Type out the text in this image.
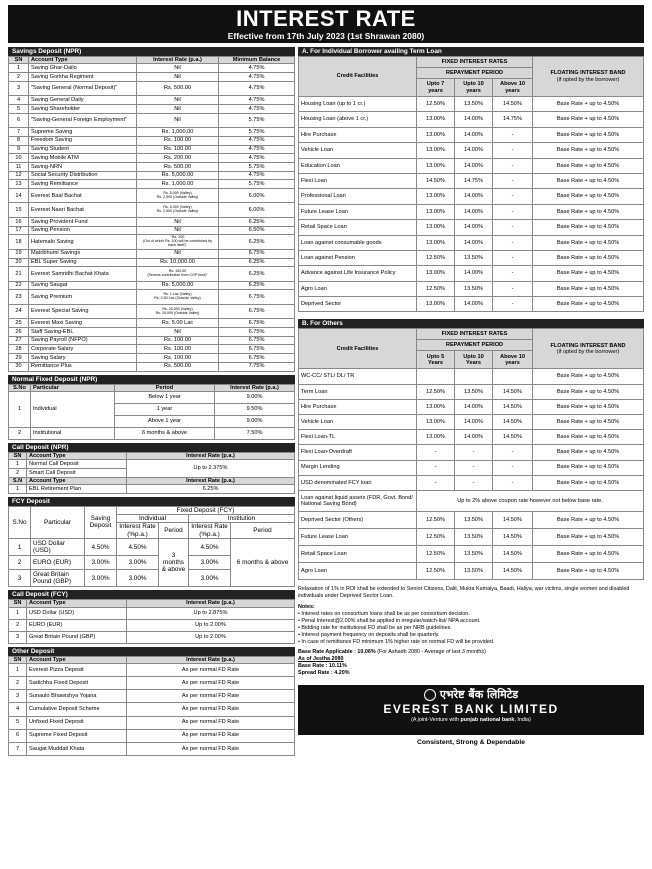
INTEREST RATE
Effective from 17th July 2023 (1st Shrawan 2080)
Savings Deposit (NPR)
SN	Account Type	Interest Rate (p.a.)	Minimum Balance
1	Saving Ghar-Dailo	Nil	4.75%
2	Saving Gorkha Regiment	Nil	4.75%
3	"Saving General (Normal Deposit)"	Rs. 500.00	4.75%
4	Saving General Daily	Nil	4.75%
5	Saving Shareholder	Nil	4.75%
6	"Saving-General Foreign Employment"	Nil	5.75%
7	Supreme Saving	Rs. 1,000.00	5.75%
8	Freedom Saving	Rs. 100.00	4.75%
9	Saving Student	Rs. 100.00	4.75%
10	Saving Mobile ATM	Rs. 200.00	4.75%
11	Saving-NRN	Rs. 500.00	5.75%
12	Social Security Distribution	Rs. 5,000.00	4.75%
13	Saving Remittance	Rs. 1,000.00	5.75%
14	Everest Baal Bachat	Rs. 5,000 (Valley)
Rs. 2,500 (Outside Valley)	6.00%
15	Everest Naari Bachat	Rs. 5,000 (Valley)
Rs. 2,500 (Outside Valley)	6.00%
16	Saving Provident Fund	Nil	6.25%
17	Saving Pension	Nil	6.50%
18	Hatemalo Saving	"Rs. 200
(Out of which Rs. 100 will be contributed by bank itself)"	6.25%
19	Matribhumi Savings	Nil	6.75%
20	EBL Super Saving	Rs. 10,000.00	6.25%
21	Everest Samridhi Bachat Khata	Rs. 100.00
(Seniors contribution from COP fund)"	6.25%
22	Saving Saugat	Rs. 5,000.00	6.25%
23	Saving Premium	Rs. 1 Lac (Valley)
Rs. 0.50 Lac (Outside Valley)	6.75%
24	Everest Special Saving	Rs. 25,000 (Valley)
Rs. 10,000 (Outside Valley)	6.75%
25	Everest Maxi Saving	Rs. 5.00 Lac	6.75%
26	Staff Saving-EBL	Nil	6.75%
27	Saving Payroll (NFPO)	Rs. 100.00	6.75%
28	Corporate Salary	Rs. 100.00	6.75%
29	Saving Salary	Rs. 100.00	6.75%
30	Remittance Plus	Rs. 500.00	7.75%
Normal Fixed Deposit (NPR)
S.No	Particular	Period	Interest Rate (p.a.)
1	Individual	Below 1 year	9.00%
		1 year	9.50%
		Above 1 year	9.00%
2	Institutional	6 months & above	7.50%
Call Deposit (NPR)
SN	Account Type	Interest Rate (p.a.)
1	Normal Call Deposit	Up to 2.375%
2	Smart Call Deposit	
S.N	Account Type	Interest Rate (p.a.)
1	EBL Retirement Plan	6.25%
FCY Deposit
S.No	Particular	Saving Deposit	Fixed Deposit (FCY)			
			Individual		Institution	
			Interest Rate (%p.a.)	Period	Interest Rate (%p.a.)	Period
1	USD Dollar (USD)	4.50%	4.50%	3 months & above	4.50%	6 months & above
2	EURO (EUR)	3.00%	3.00%		3.00%	
3	Great Britain Pound (GBP)	3.00%	3.00%		3.00%	
Call Deposit (FCY)
SN	Account Type	Interest Rate (p.a.)
1	USD Dollar (USD)	Up to 2.875%
2	EURO (EUR)	Up to 2.00%
3	Great Britain Pound (GBP)	Up to 2.00%
Other Deposit
SN	Account Type	Interest Rate (p.a.)
1	Everest Pizza Deposit	As per normal FD Rate
2	Sadichha Fixed Deposit	As per normal FD Rate
3	Sunaulo Bhawishya Yojana	As per normal FD Rate
4	Cumulative Deposit Scheme	As per normal FD Rate
5	Unfixed Fixed Deposit	As per normal FD Rate
6	Supreme Fixed Deposit	As per normal FD Rate
7	Saugat Muddati Khata	As per normal FD Rate
A. For Individual Borrower availing Term Loan
Credit Facilities	FIXED INTEREST RATES			FLOATING INTEREST BAND
(if opted by the borrower)
	REPAYMENT PERIOD			
	Upto 7 years	Upto 10 years	Above 10 years	
Housing Loan (up to 1 cr.)	12.50%	13.50%	14.50%	Base Rate + up to 4.50%
Housing Loan (above 1 cr.)	13.00%	14.00%	14.75%	Base Rate + up to 4.50%
Hire Purchase	13.00%	14.00%	-	Base Rate + up to 4.50%
Vehicle Loan	13.00%	14.00%	-	Base Rate + up to 4.50%
Education Loan	13.00%	14.00%	-	Base Rate + up to 4.50%
Flexi Loan	14.50%	14.75%	-	Base Rate + up to 4.50%
Professional Loan	13.00%	14.00%	-	Base Rate + up to 4.50%
Future Lease Loan	13.00%	14.00%	-	Base Rate + up to 4.50%
Retail Space Loan	13.00%	14.00%	-	Base Rate + up to 4.50%
Loan against consumable goods	13.00%	14.00%	-	Base Rate + up to 4.50%
Loan against Pension	12.50%	13.50%	-	Base Rate + up to 4.50%
Advance against Life Insurance Policy	13.00%	14.00%	-	Base Rate + up to 4.50%
Agro Loan	12.50%	13.50%	-	Base Rate + up to 4.50%
Deprived Sector	13.00%	14.00%	-	Base Rate + up to 4.50%
B. For Others
Credit Facilities	FIXED INTEREST RATES			FLOATING INTEREST BAND
(if opted by the borrower)
	REPAYMENT PERIOD			
	Upto 5 Years	Upto 10 Years	Above 10 years	
WC-CC/ STL/ DL/ TR				Base Rate + up to 4.50%
Term Loan	12.50%	13.50%	14.50%	Base Rate + up to 4.50%
Hire Purchase	13.00%	14.00%	14.50%	Base Rate + up to 4.50%
Vehicle Loan	13.00%	14.00%	14.50%	Base Rate + up to 4.50%
Flexi Loan-TL	13.00%	14.00%	14.50%	Base Rate + up to 4.50%
Flexi Loan-Overdraft	-	-	-	Base Rate + up to 4.50%
Margin Lending	-	-	-	Base Rate + up to 4.50%
USD denominated FCY loan	-	-	-	Base Rate + up to 4.50%
Loan against liquid assets (FDR, Govt. Bond/ National Saving Bond)	Up to 2% above coupon rate however not below base rate.			
Deprived Sector (Others)	12.50%	13.50%	14.50%	Base Rate + up to 4.50%
Future Lease Loan	12.50%	13.50%	14.50%	Base Rate + up to 4.50%
Retail Space Loan	12.50%	13.50%	14.50%	Base Rate + up to 4.50%
Agro Loan	12.50%	13.50%	14.50%	Base Rate + up to 4.50%

Relaxation of 1% in ROI shall be extended to Senior Citizens, Dalit, Mukta Kamaiya, Baadi, Haliya, war victims, single women and disabled individuals under Deprived Sector Loan.

Notes:

• Interest rates on consortium loans shall be as per consortium decision.
• Penal Interest@2.00% shall be applied in irregular/watch-list/ NPA account.
• Bidding rate for institutional FD shall be as per NRB guidelines.
• Interest payment frequency on deposits shall be quarterly.
• In case of remittance FD minimum 1% higher rate on normal FD will be provided.

Base Rate Applicable : 10.06% (For Ashadh 2080 - Average of last 3 months)

As of Jestha 2080

Base Rate : 10.11%

Spread Rate : 4.20%

एभरेष्ट बैंक लिमिटेड
EVEREST BANK LIMITED
(A joint-Venture with punjab national bank, India)
Consistent, Strong & Dependable
